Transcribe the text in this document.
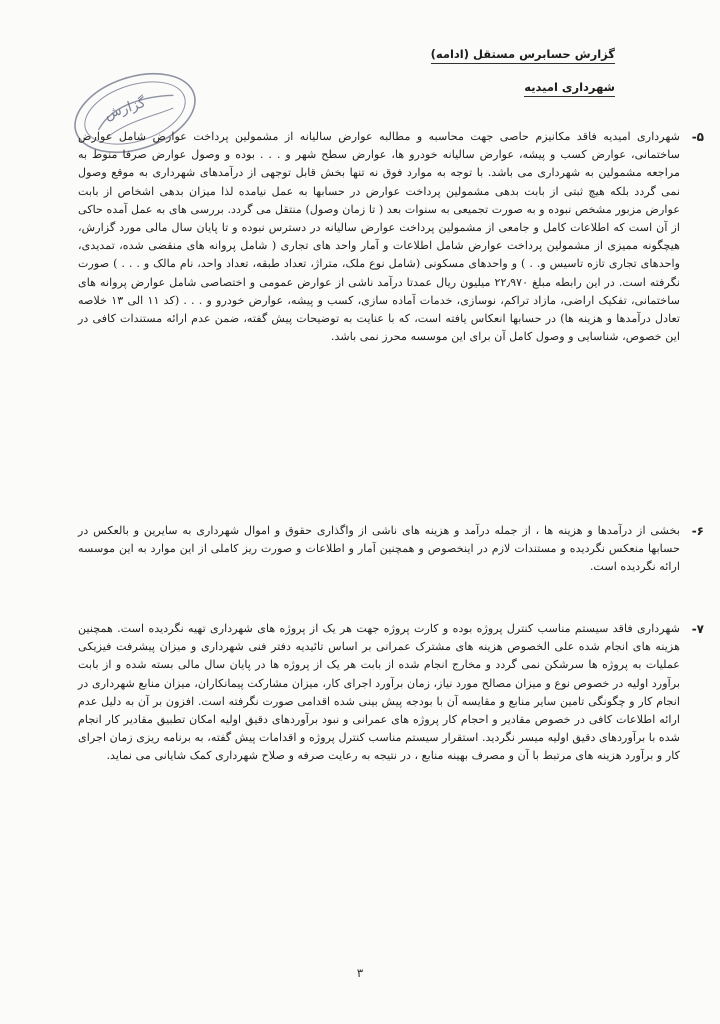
گزارش حسابرس مستقل (ادامه)
شهرداری امیدیه
گزارش
۵-

شهرداری امیدیه فاقد مکانیزم حاصی جهت محاسبه و مطالبه عوارض سالیانه از مشمولین پرداخت عوارض شامل عوارض ساختمانی، عوارض کسب و پیشه، عوارض سالیانه خودرو ها، عوارض سطح شهر و . . . بوده و وصول عوارض صرفا منوط به مراجعه مشمولین به شهرداری می باشد. با توجه به موارد فوق نه تنها بخش قابل توجهی از درآمدهای شهرداری به موقع وصول نمی گردد بلکه هیچ ثبتی از بابت بدهی مشمولین پرداخت عوارض در حسابها به عمل نیامده لذا میزان بدهی اشخاص از بابت عوارض مزبور مشخص نبوده و به صورت تجمیعی به سنوات بعد ( تا زمان وصول) منتقل می گردد. بررسی های به عمل آمده حاکی از آن است که اطلاعات کامل و جامعی از مشمولین پرداخت عوارض سالیانه در دسترس نبوده و تا پایان سال مالی مورد گزارش، هیچگونه ممیزی از مشمولین پرداخت عوارض شامل اطلاعات و آمار واحد های تجاری ( شامل پروانه های منقضی شده، تمدیدی، واحدهای تجاری تازه تاسیس و. . ) و واحدهای مسکونی (شامل نوع ملک، متراژ، تعداد طبقه، تعداد واحد، نام مالک و . . . ) صورت نگرفته است. در این رابطه مبلغ ۲۲٫۹۷۰ میلیون ریال عمدتا درآمد ناشی از عوارض عمومی و اختصاصی شامل عوارض پروانه های ساختمانی، تفکیک اراضی، مازاد تراکم، نوسازی، خدمات آماده سازی، کسب و پیشه، عوارض خودرو و . . . (کد ۱۱ الی ۱۳ خلاصه تعادل درآمدها و هزینه ها) در حسابها انعکاس یافته است، که با عنایت به توضیحات پیش گفته، ضمن عدم ارائه مستندات کافی در این خصوص، شناسایی و وصول کامل آن برای این موسسه محرز نمی باشد.

۶-

بخشی از درآمدها و هزینه ها ، از جمله درآمد و هزینه های ناشی از واگذاری حقوق و اموال شهرداری به سایرین و بالعکس در حسابها منعکس نگردیده و مستندات لازم در اینخصوص و همچنین آمار و اطلاعات و صورت ریز کاملی از این موارد به این موسسه ارائه نگردیده است.

۷-

شهرداری فاقد سیستم مناسب کنترل پروژه بوده و کارت پروژه جهت هر یک از پروژه های شهرداری تهیه نگردیده است. همچنین هزینه های انجام شده علی الخصوص هزینه های مشترک عمرانی بر اساس تائیدیه دفتر فنی شهرداری و میزان پیشرفت فیزیکی عملیات به پروژه ها سرشکن نمی گردد و مخارج انجام شده از بابت هر یک از پروژه ها در پایان سال مالی بسته شده و از بابت برآورد اولیه در خصوص نوع و میزان مصالح مورد نیاز، زمان برآورد اجرای کار، میزان مشارکت پیمانکاران، میزان منابع شهرداری در انجام کار و چگونگی تامین سایر منابع و مقایسه آن با بودجه پیش بینی شده اقدامی صورت نگرفته است. افزون بر آن به دلیل عدم ارائه اطلاعات کافی در خصوص مقادیر و احجام کار پروژه های عمرانی و نبود برآوردهای دقیق اولیه امکان تطبیق مقادیر کار انجام شده با برآوردهای دقیق اولیه میسر نگردید. استقرار سیستم مناسب کنترل پروژه و اقدامات پیش گفته، به برنامه ریزی زمان اجرای کار و برآورد هزینه های مرتبط با آن و مصرف بهینه منابع ، در نتیجه به رعایت صرفه و صلاح شهرداری کمک شایانی می نماید.

۳
